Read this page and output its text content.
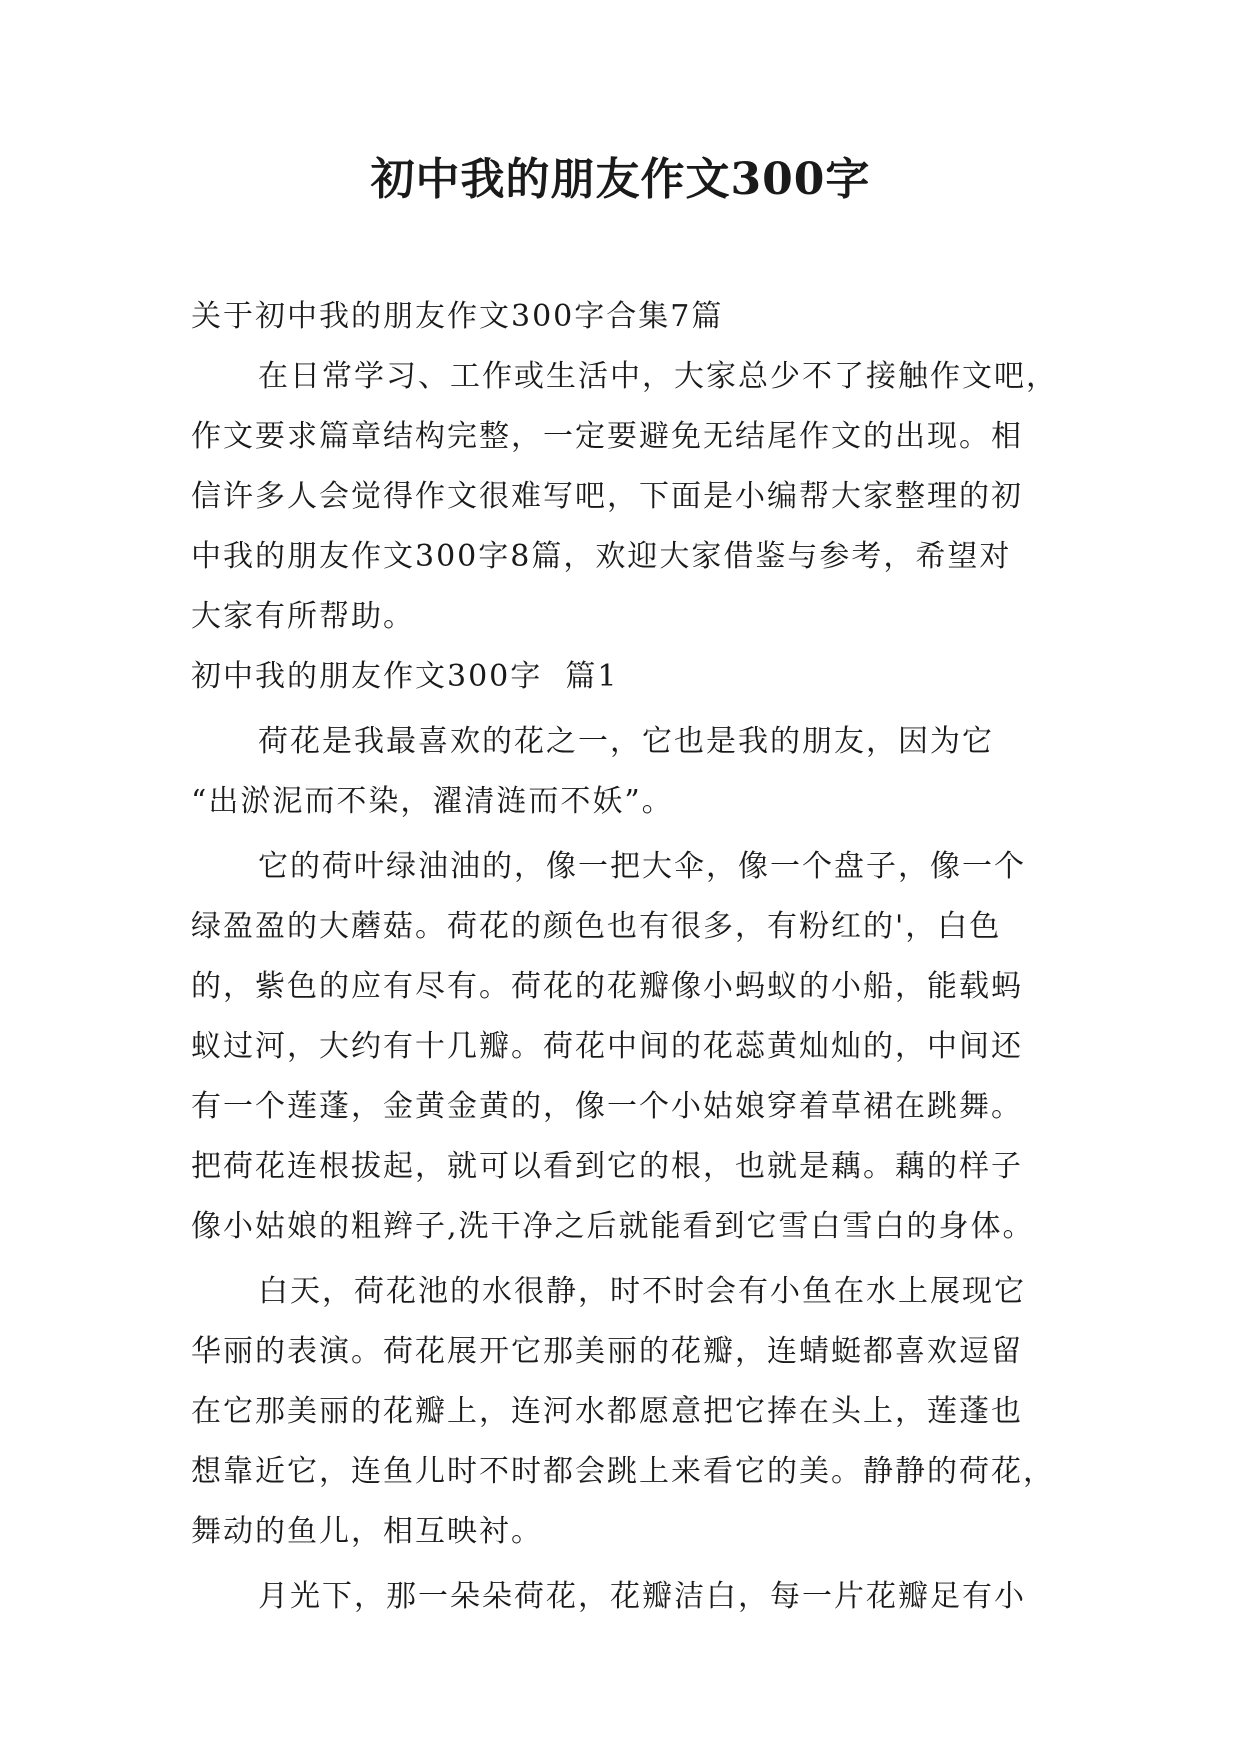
初中我的朋友作文300字
关于初中我的朋友作文300字合集7篇
在日常学习、工作或生活中，大家总少不了接触作文吧，
作文要求篇章结构完整，一定要避免无结尾作文的出现。相
信许多人会觉得作文很难写吧，下面是小编帮大家整理的初
中我的朋友作文300字8篇，欢迎大家借鉴与参考，希望对
大家有所帮助。
初中我的朋友作文300字  篇1
荷花是我最喜欢的花之一，它也是我的朋友，因为它
“出淤泥而不染，濯清涟而不妖”。
它的荷叶绿油油的，像一把大伞，像一个盘子，像一个
绿盈盈的大蘑菇。荷花的颜色也有很多，有粉红的'，白色
的，紫色的应有尽有。荷花的花瓣像小蚂蚁的小船，能载蚂
蚁过河，大约有十几瓣。荷花中间的花蕊黄灿灿的，中间还
有一个莲蓬，金黄金黄的，像一个小姑娘穿着草裙在跳舞。
把荷花连根拔起，就可以看到它的根，也就是藕。藕的样子
像小姑娘的粗辫子,洗干净之后就能看到它雪白雪白的身体。
白天，荷花池的水很静，时不时会有小鱼在水上展现它
华丽的表演。荷花展开它那美丽的花瓣，连蜻蜓都喜欢逗留
在它那美丽的花瓣上，连河水都愿意把它捧在头上，莲蓬也
想靠近它，连鱼儿时不时都会跳上来看它的美。静静的荷花，
舞动的鱼儿，相互映衬。
月光下，那一朵朵荷花，花瓣洁白，每一片花瓣足有小
